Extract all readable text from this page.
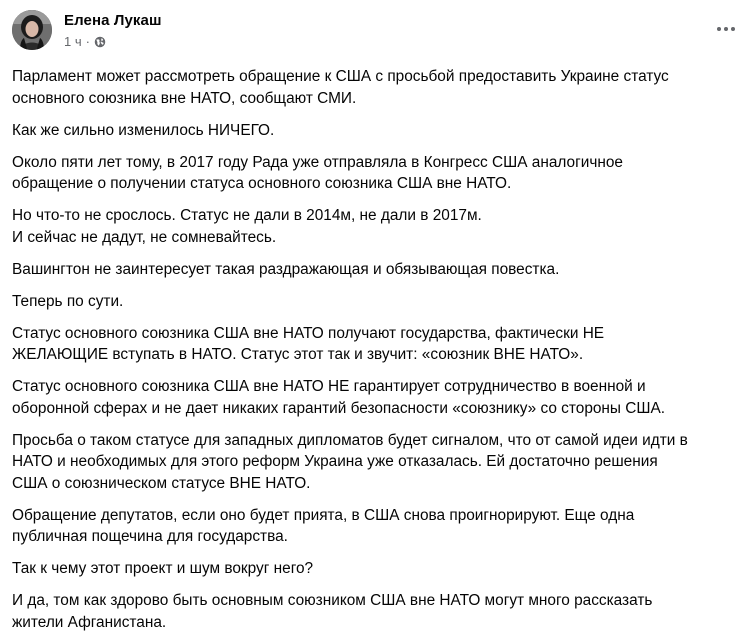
Елена Лукаш
1 ч ·

Парламент может рассмотреть обращение к США с просьбой предоставить Украине статус
основного союзника вне НАТО, сообщают СМИ.

Как же сильно изменилось НИЧЕГО.

Около пяти лет тому, в 2017 году Рада уже отправляла в Конгресс США аналогичное
обращение о получении статуса основного союзника США вне НАТО.

Но что-то не срослось. Статус не дали в 2014м, не дали в 2017м.
И сейчас не дадут, не сомневайтесь.

Вашингтон не заинтересует такая раздражающая и обязывающая повестка.

Теперь по сути.

Статус основного союзника США вне НАТО получают государства, фактически НЕ
ЖЕЛАЮЩИЕ вступать в НАТО. Статус этот так и звучит: «союзник ВНЕ НАТО».

Статус основного союзника США вне НАТО НЕ гарантирует сотрудничество в военной и
оборонной сферах и не дает никаких гарантий безопасности «союзнику» со стороны США.

Просьба о таком статусе для западных дипломатов будет сигналом, что от самой идеи идти в
НАТО и необходимых для этого реформ Украина уже отказалась. Ей достаточно решения
США о союзническом статусе ВНЕ НАТО.

Обращение депутатов, если оно будет прията, в США снова проигнорируют. Еще одна
публичная пощечина для государства.

Так к чему этот проект и шум вокруг него?

И да, том как здорово быть основным союзником США вне НАТО могут много рассказать
жители Афганистана.
